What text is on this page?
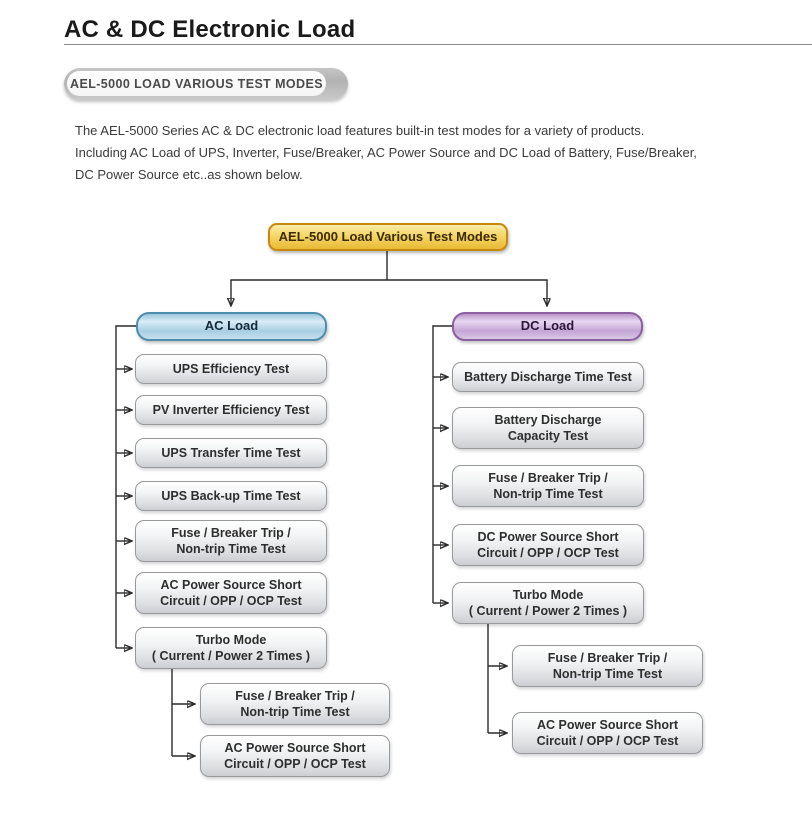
AC & DC Electronic Load
AEL-5000 LOAD VARIOUS TEST MODES
The AEL-5000 Series AC & DC electronic load features built-in test modes for a variety of products.
Including AC Load of UPS, Inverter, Fuse/Breaker, AC Power Source and DC Load of Battery, Fuse/Breaker,
DC Power Source etc..as shown below.
AEL-5000 Load Various Test Modes
AC Load
UPS Efficiency Test
PV Inverter Efficiency Test
UPS Transfer Time Test
UPS Back-up Time Test
Fuse / Breaker Trip /
Non-trip Time Test
AC Power Source Short
Circuit / OPP / OCP Test
Turbo Mode
( Current / Power 2 Times )
Fuse / Breaker Trip /
Non-trip Time Test
AC Power Source Short
Circuit / OPP / OCP Test
DC Load
Battery Discharge Time Test
Battery Discharge
Capacity Test
Fuse / Breaker Trip /
Non-trip Time Test
DC Power Source Short
Circuit / OPP / OCP Test
Turbo Mode
( Current / Power 2 Times )
Fuse / Breaker Trip /
Non-trip Time Test
AC Power Source Short
Circuit / OPP / OCP Test
